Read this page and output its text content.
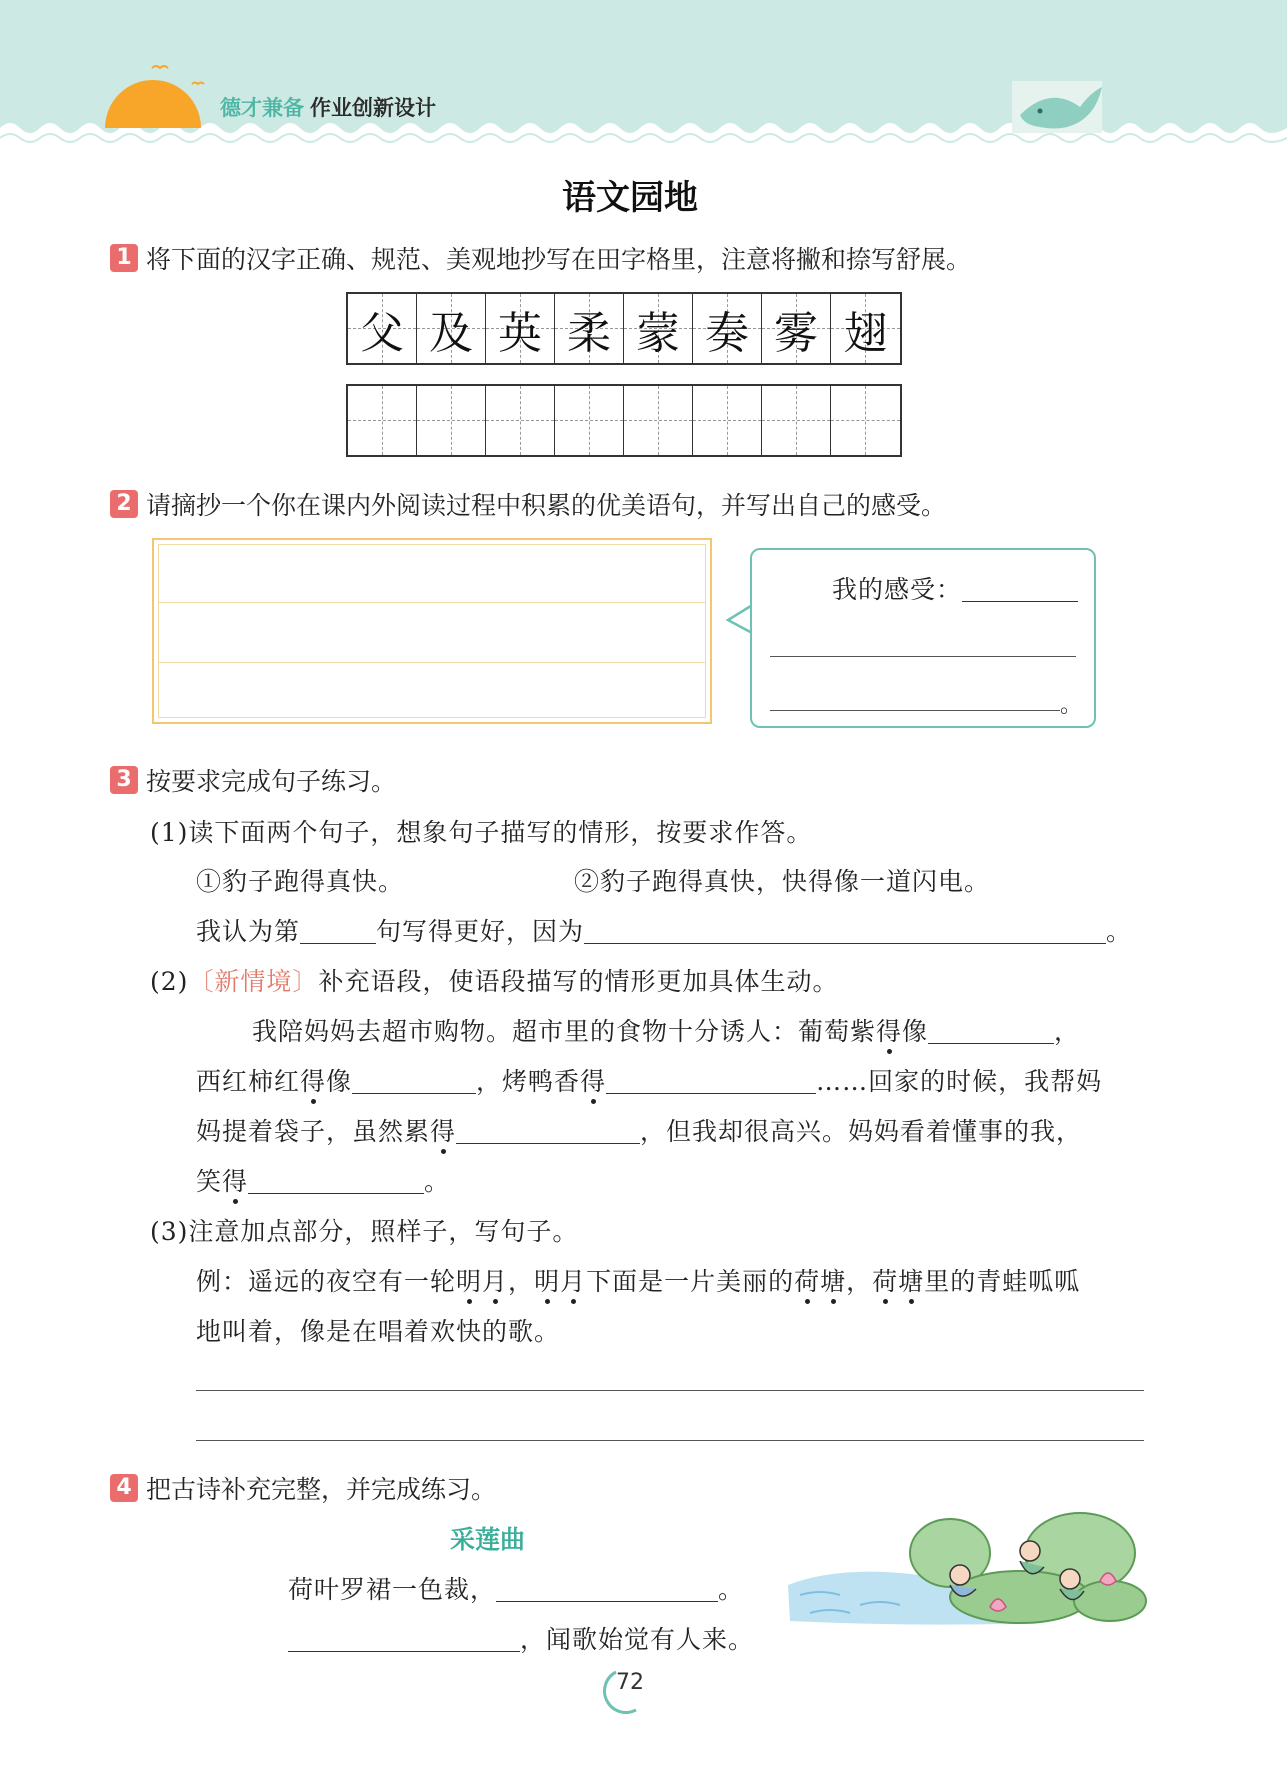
德才兼备 作业创新设计
语文园地
1 将下面的汉字正确、规范、美观地抄写在田字格里，注意将撇和捺写舒展。
父 及 英 柔 蒙 奏 雾 翅
2 请摘抄一个你在课内外阅读过程中积累的优美语句，并写出自己的感受。
我的感受：
。
3 按要求完成句子练习。
(1)读下面两个句子，想象句子描写的情形，按要求作答。
①豹子跑得真快。	②豹子跑得真快，快得像一道闪电。
我认为第	句写得更好，因为	。
(2)〔新情境〕补充语段，使语段描写的情形更加具体生动。
我陪妈妈去超市购物。超市里的食物十分诱人：葡萄紫得像	，
西红柿红得像	，烤鸭香得	……回家的时候，我帮妈
妈提着袋子，虽然累得	，但我却很高兴。妈妈看着懂事的我，
笑得	。
(3)注意加点部分，照样子，写句子。
例：遥远的夜空有一轮明月，明月下面是一片美丽的荷塘，荷塘里的青蛙呱呱
地叫着，像是在唱着欢快的歌。
4 把古诗补充完整，并完成练习。
采莲曲
荷叶罗裙一色裁，	。
，闻歌始觉有人来。
72
